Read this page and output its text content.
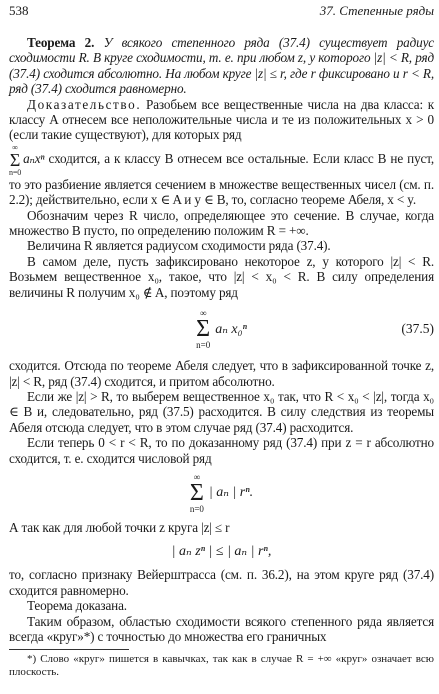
538	37. Степенные ряды

Теорема 2. У всякого степенного ряда (37.4) существует радиус сходимости R. В круге сходимости, т. е. при любом z, у которого |z| < R, ряд (37.4) сходится абсолютно. На любом круге |z| ≤ r, где r фиксировано и r < R, ряд (37.4) сходится равномерно.

Доказательство. Разобьем все вещественные числа на два класса: к классу A отнесем все неположительные числа и те из положительных x > 0 (если такие существуют), для которых ряд

∞
Σ
n=0
aₙxⁿ сходится, а к классу B отнесем все остальные. Если класс B не пуст, то это разбиение является сечением в множестве вещественных чисел (см. п. 2.2); действительно, если x ∈ A и y ∈ B, то, согласно теореме Абеля, x < y.

Обозначим через R число, определяющее это сечение. В случае, когда множество B пусто, по определению положим R = +∞.

Величина R является радиусом сходимости ряда (37.4).

В самом деле, пусть зафиксировано некоторое z, у которого |z| < R. Возьмем вещественное x₀, такое, что |z| < x₀ < R. В силу определения величины R получим x₀ ∉ A, поэтому ряд

∞
Σ
n=0
aₙ x₀ⁿ	(37.5)

сходится. Отсюда по теореме Абеля следует, что в зафиксированной точке z, |z| < R, ряд (37.4) сходится, и притом абсолютно.

Если же |z| > R, то выберем вещественное x₀ так, что R < x₀ < |z|, тогда x₀ ∈ B и, следовательно, ряд (37.5) расходится. В силу следствия из теоремы Абеля отсюда следует, что в этом случае ряд (37.4) расходится.

Если теперь 0 < r < R, то по доказанному ряд (37.4) при z = r абсолютно сходится, т. е. сходится числовой ряд

∞
Σ
n=0
| aₙ | rⁿ.

А так как для любой точки z круга |z| ≤ r

| aₙ zⁿ | ≤ | aₙ | rⁿ,

то, согласно признаку Вейерштрасса (см. п. 36.2), на этом круге ряд (37.4) сходится равномерно.

Теорема доказана.

Таким образом, областью сходимости всякого степенного ряда является всегда «круг»*) с точностью до множества его граничных

*) Слово «круг» пишется в кавычках, так как в случае R = +∞ «круг» означает всю плоскость.
